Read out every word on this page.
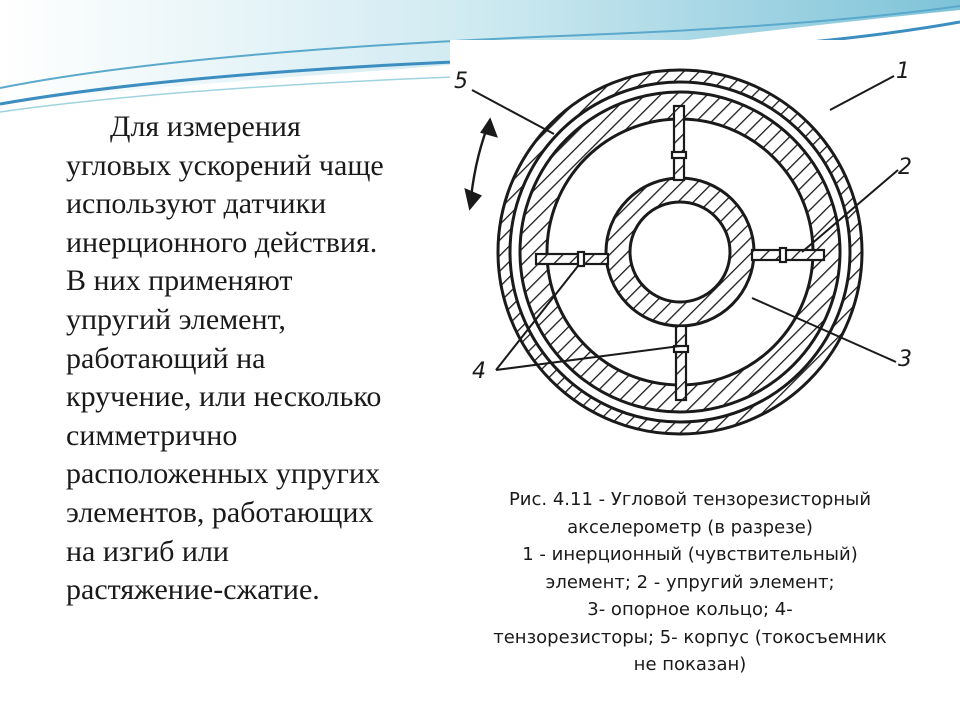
Для измерения
угловых ускорений чаще
используют датчики
инерционного действия.
В них применяют
упругий элемент,
работающий на
кручение, или несколько
симметрично
расположенных упругих
элементов, работающих
на изгиб или
растяжение-сжатие.
5	1
2
3
4
Рис. 4.11 - Угловой тензорезисторный
акселерометр (в разрезе)
1 - инерционный (чувствительный)
элемент; 2 - упругий элемент;
3- опорное кольцо; 4-
тензорезисторы; 5- корпус (токосъемник
не показан)
